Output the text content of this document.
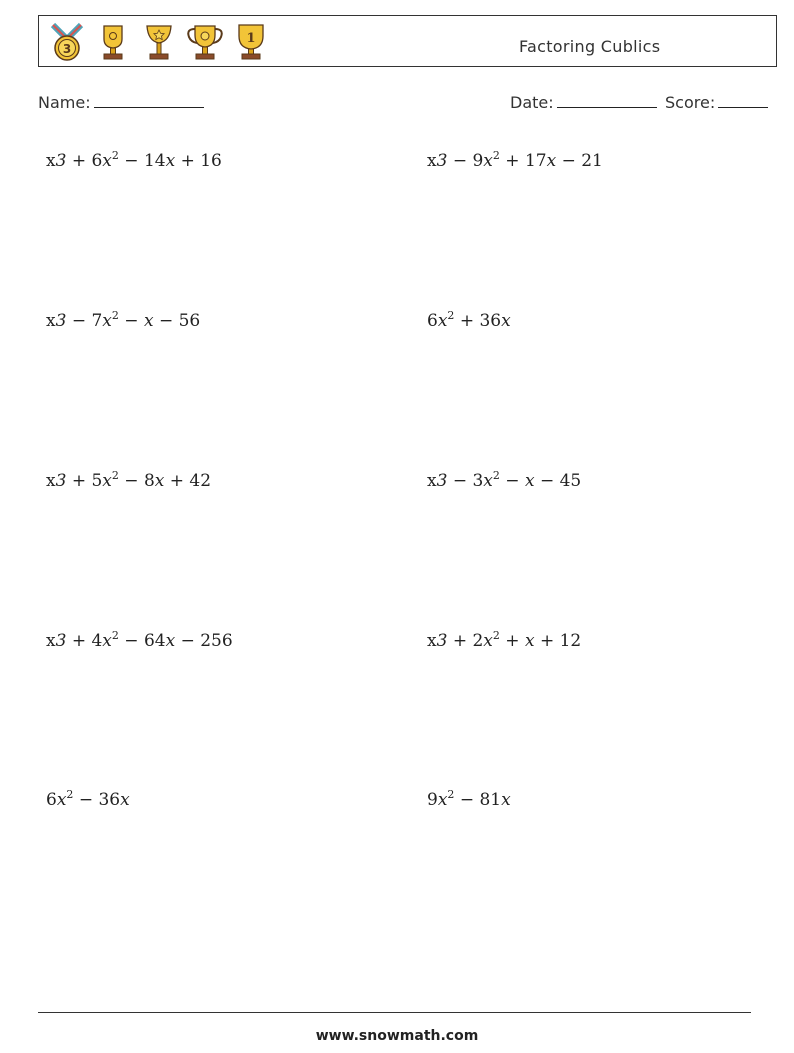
3
1	Factoring Cublics
Name:	Date:	Score:
$x3 + 6x^2 - 14x + 16$	$x3 - 9x^2 + 17x - 21$
$x3 - 7x^2 - x - 56$	$6x^2 + 36x$
$x3 + 5x^2 - 8x + 42$	$x3 - 3x^2 - x - 45$
$x3 + 4x^2 - 64x - 256$	$x3 + 2x^2 + x + 12$
$6x^2 - 36x$	$9x^2 - 81x$
www.snowmath.com
